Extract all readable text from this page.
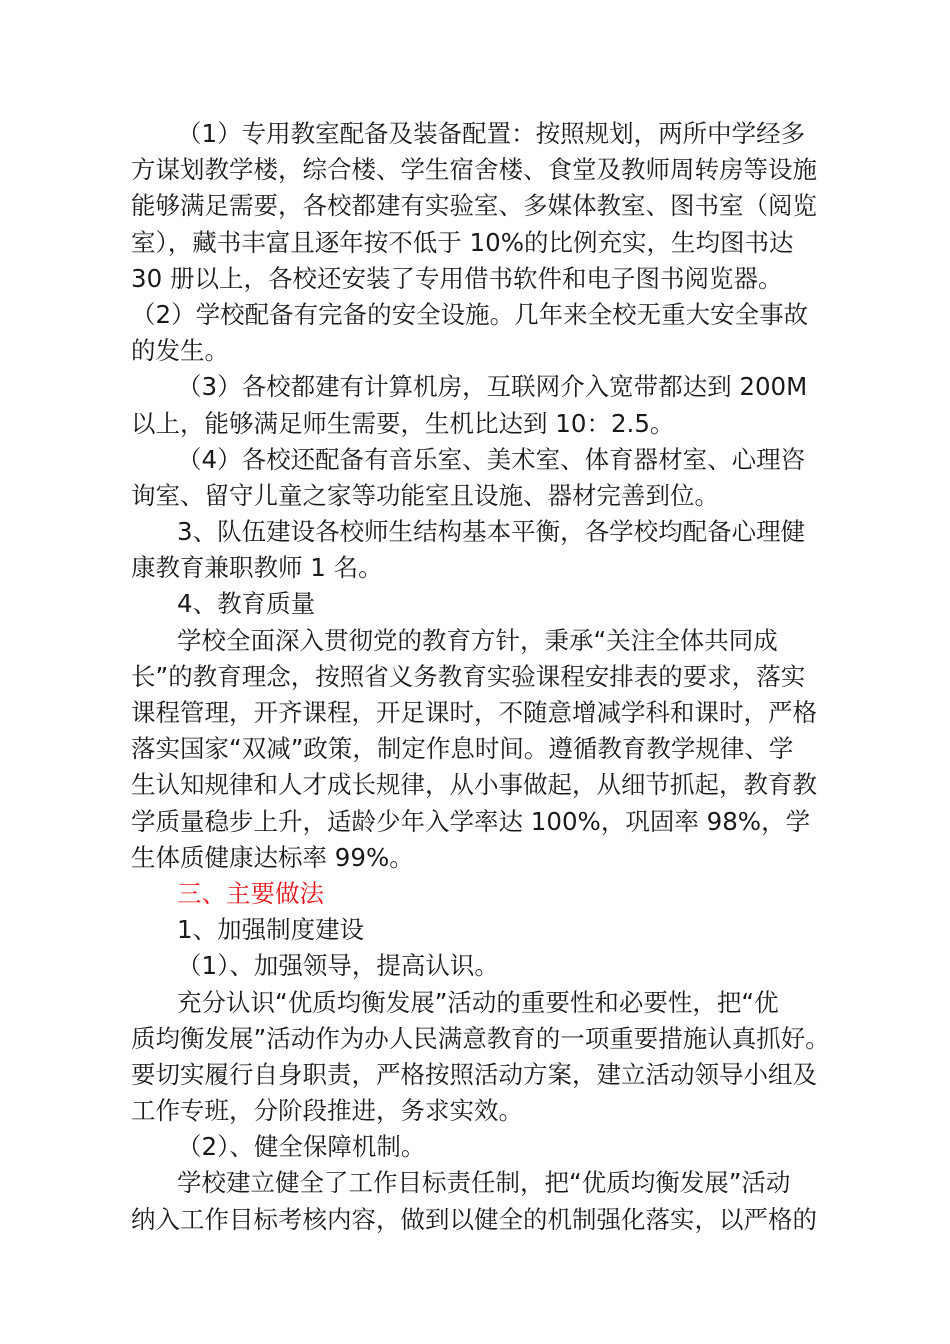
（1）专用教室配备及装备配置：按照规划，两所中学经多
方谋划教学楼，综合楼、学生宿舍楼、食堂及教师周转房等设施
能够满足需要，各校都建有实验室、多媒体教室、图书室（阅览
室），藏书丰富且逐年按不低于 10%的比例充实，生均图书达
30 册以上，各校还安装了专用借书软件和电子图书阅览器。
（2）学校配备有完备的安全设施。几年来全校无重大安全事故
的发生。
（3）各校都建有计算机房，互联网介入宽带都达到 200M
以上，能够满足师生需要，生机比达到 10：2.5。
（4）各校还配备有音乐室、美术室、体育器材室、心理咨
询室、留守儿童之家等功能室且设施、器材完善到位。
3、队伍建设各校师生结构基本平衡，各学校均配备心理健
康教育兼职教师 1 名。
4、教育质量
学校全面深入贯彻党的教育方针，秉承“关注全体共同成
长”的教育理念，按照省义务教育实验课程安排表的要求，落实
课程管理，开齐课程，开足课时，不随意增减学科和课时，严格
落实国家“双减”政策，制定作息时间。遵循教育教学规律、学
生认知规律和人才成长规律，从小事做起，从细节抓起，教育教
学质量稳步上升，适龄少年入学率达 100%，巩固率 98%，学
生体质健康达标率 99%。
三、主要做法
1、加强制度建设
（1）、加强领导，提高认识。
充分认识“优质均衡发展”活动的重要性和必要性，把“优
质均衡发展”活动作为办人民满意教育的一项重要措施认真抓好。
要切实履行自身职责，严格按照活动方案，建立活动领导小组及
工作专班，分阶段推进，务求实效。
（2）、健全保障机制。
学校建立健全了工作目标责任制，把“优质均衡发展”活动
纳入工作目标考核内容，做到以健全的机制强化落实，以严格的
